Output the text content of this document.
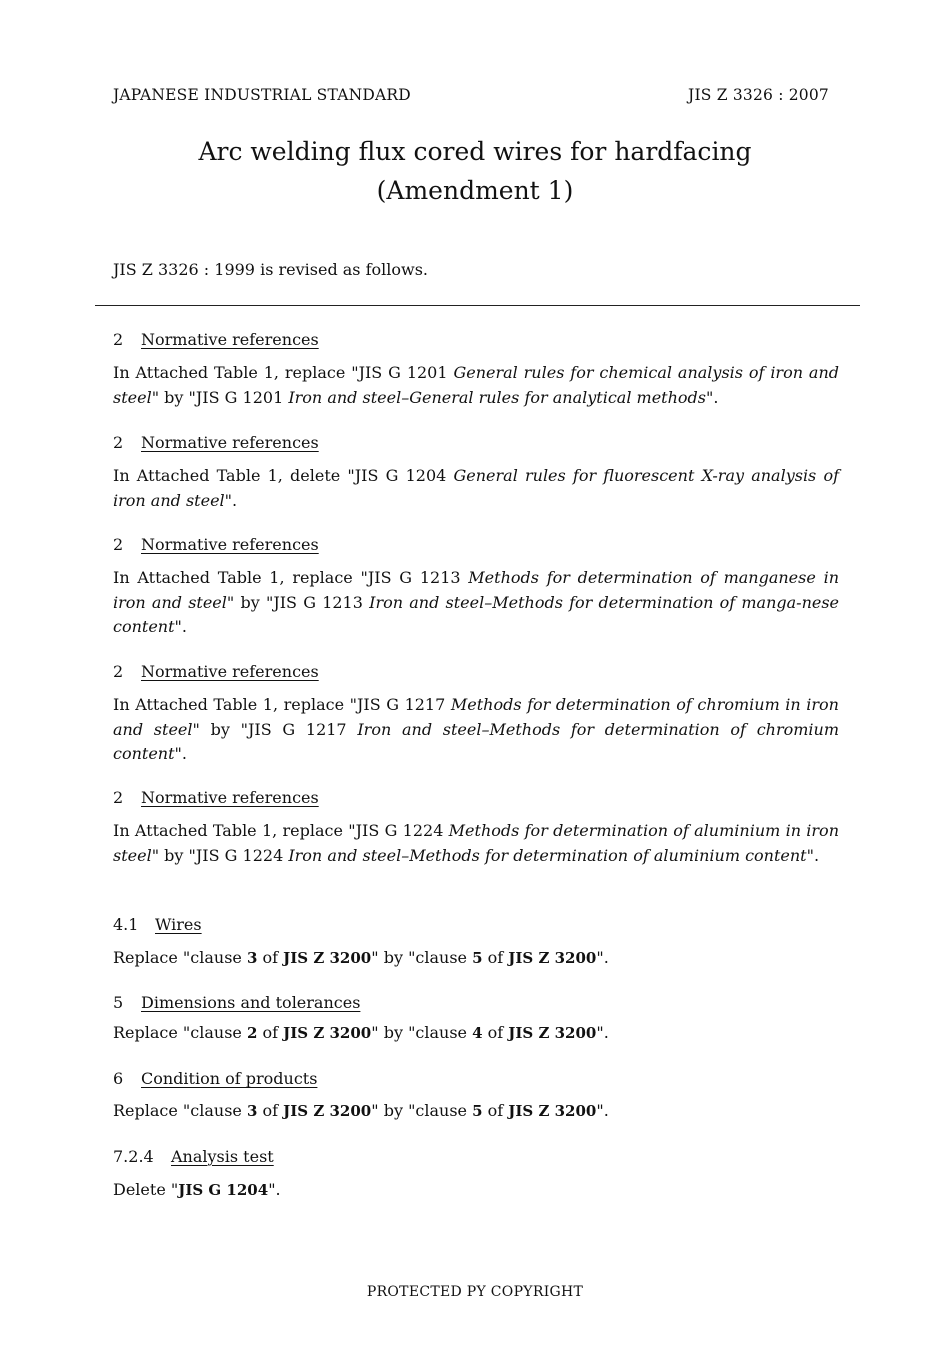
JAPANESE INDUSTRIAL STANDARD	JIS Z 3326 : 2007
Arc welding flux cored wires for hardfacing
(Amendment 1)
JIS Z 3326 : 1999 is revised as follows.
2 Normative references

In Attached Table 1, replace "JIS G 1201 General rules for chemical analysis of iron and steel" by "JIS G 1201 Iron and steel–General rules for analytical methods".

2 Normative references

In Attached Table 1, delete "JIS G 1204 General rules for fluorescent X-ray analysis of iron and steel".

2 Normative references

In Attached Table 1, replace "JIS G 1213 Methods for determination of manganese in iron and steel" by "JIS G 1213 Iron and steel–Methods for determination of manga-nese content".

2 Normative references

In Attached Table 1, replace "JIS G 1217 Methods for determination of chromium in iron and steel" by "JIS G 1217 Iron and steel–Methods for determination of chromium content".

2 Normative references

In Attached Table 1, replace "JIS G 1224 Methods for determination of aluminium in iron steel" by "JIS G 1224 Iron and steel–Methods for determination of aluminium content".

4.1 Wires

Replace "clause 3 of JIS Z 3200" by "clause 5 of JIS Z 3200".

5 Dimensions and tolerances

Replace "clause 2 of JIS Z 3200" by "clause 4 of JIS Z 3200".

6 Condition of products

Replace "clause 3 of JIS Z 3200" by "clause 5 of JIS Z 3200".

7.2.4 Analysis test

Delete "JIS G 1204".

PROTECTED PY COPYRIGHT
